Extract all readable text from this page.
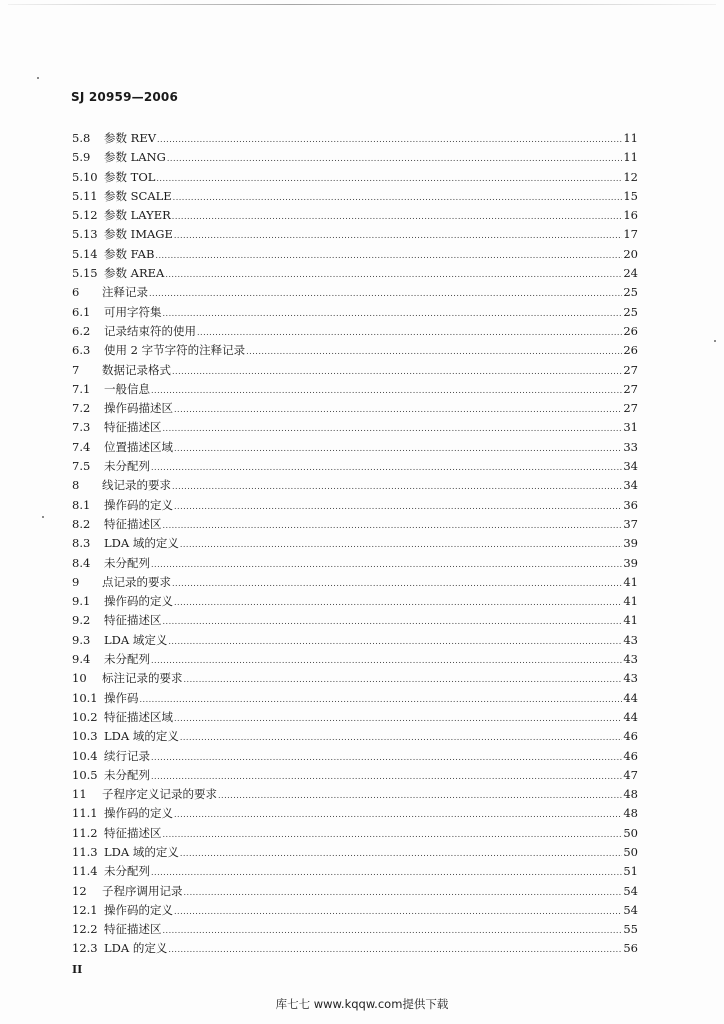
SJ 20959—2006
5.8	参数 REV .....	11
5.9	参数 LANG .....	11
5.10 参数 TOL .....	12
5.11 参数 SCALE .....	15
5.12 参数 LAYER .....	16
5.13 参数 IMAGE .....	17
5.14 参数 FAB .....	20
5.15 参数 AREA .....	24
6	注释记录 .....	25
6.1	可用字符集 .....	25
6.2	记录结束符的使用 .....	26
6.3	使用 2 字节字符的注释记录 .....	26
7	数据记录格式 .....	27
7.1	一般信息 .....	27
7.2	操作码描述区 .....	27
7.3	特征描述区 .....	31
7.4	位置描述区域 .....	33
7.5	未分配列 .....	34
8	线记录的要求 .....	34
8.1	操作码的定义 .....	36
8.2	特征描述区 .....	37
8.3	LDA 域的定义 .....	39
8.4	未分配列 .....	39
9	点记录的要求 .....	41
9.1	操作码的定义 .....	41
9.2	特征描述区 .....	41
9.3	LDA 域定义 .....	43
9.4	未分配列 .....	43
10	标注记录的要求 .....	43
10.1 操作码 .....	44
10.2 特征描述区域 .....	44
10.3 LDA 域的定义 .....	46
10.4 续行记录 .....	46
10.5 未分配列 .....	47
11	子程序定义记录的要求 .....	48
11.1 操作码的定义 .....	48
11.2 特征描述区 .....	50
11.3 LDA 域的定义 .....	50
11.4 未分配列 .....	51
12	子程序调用记录 .....	54
12.1 操作码的定义 .....	54
12.2 特征描述区 .....	55
12.3 LDA 的定义 .....	56
II
库七七 www.kqqw.com提供下载
